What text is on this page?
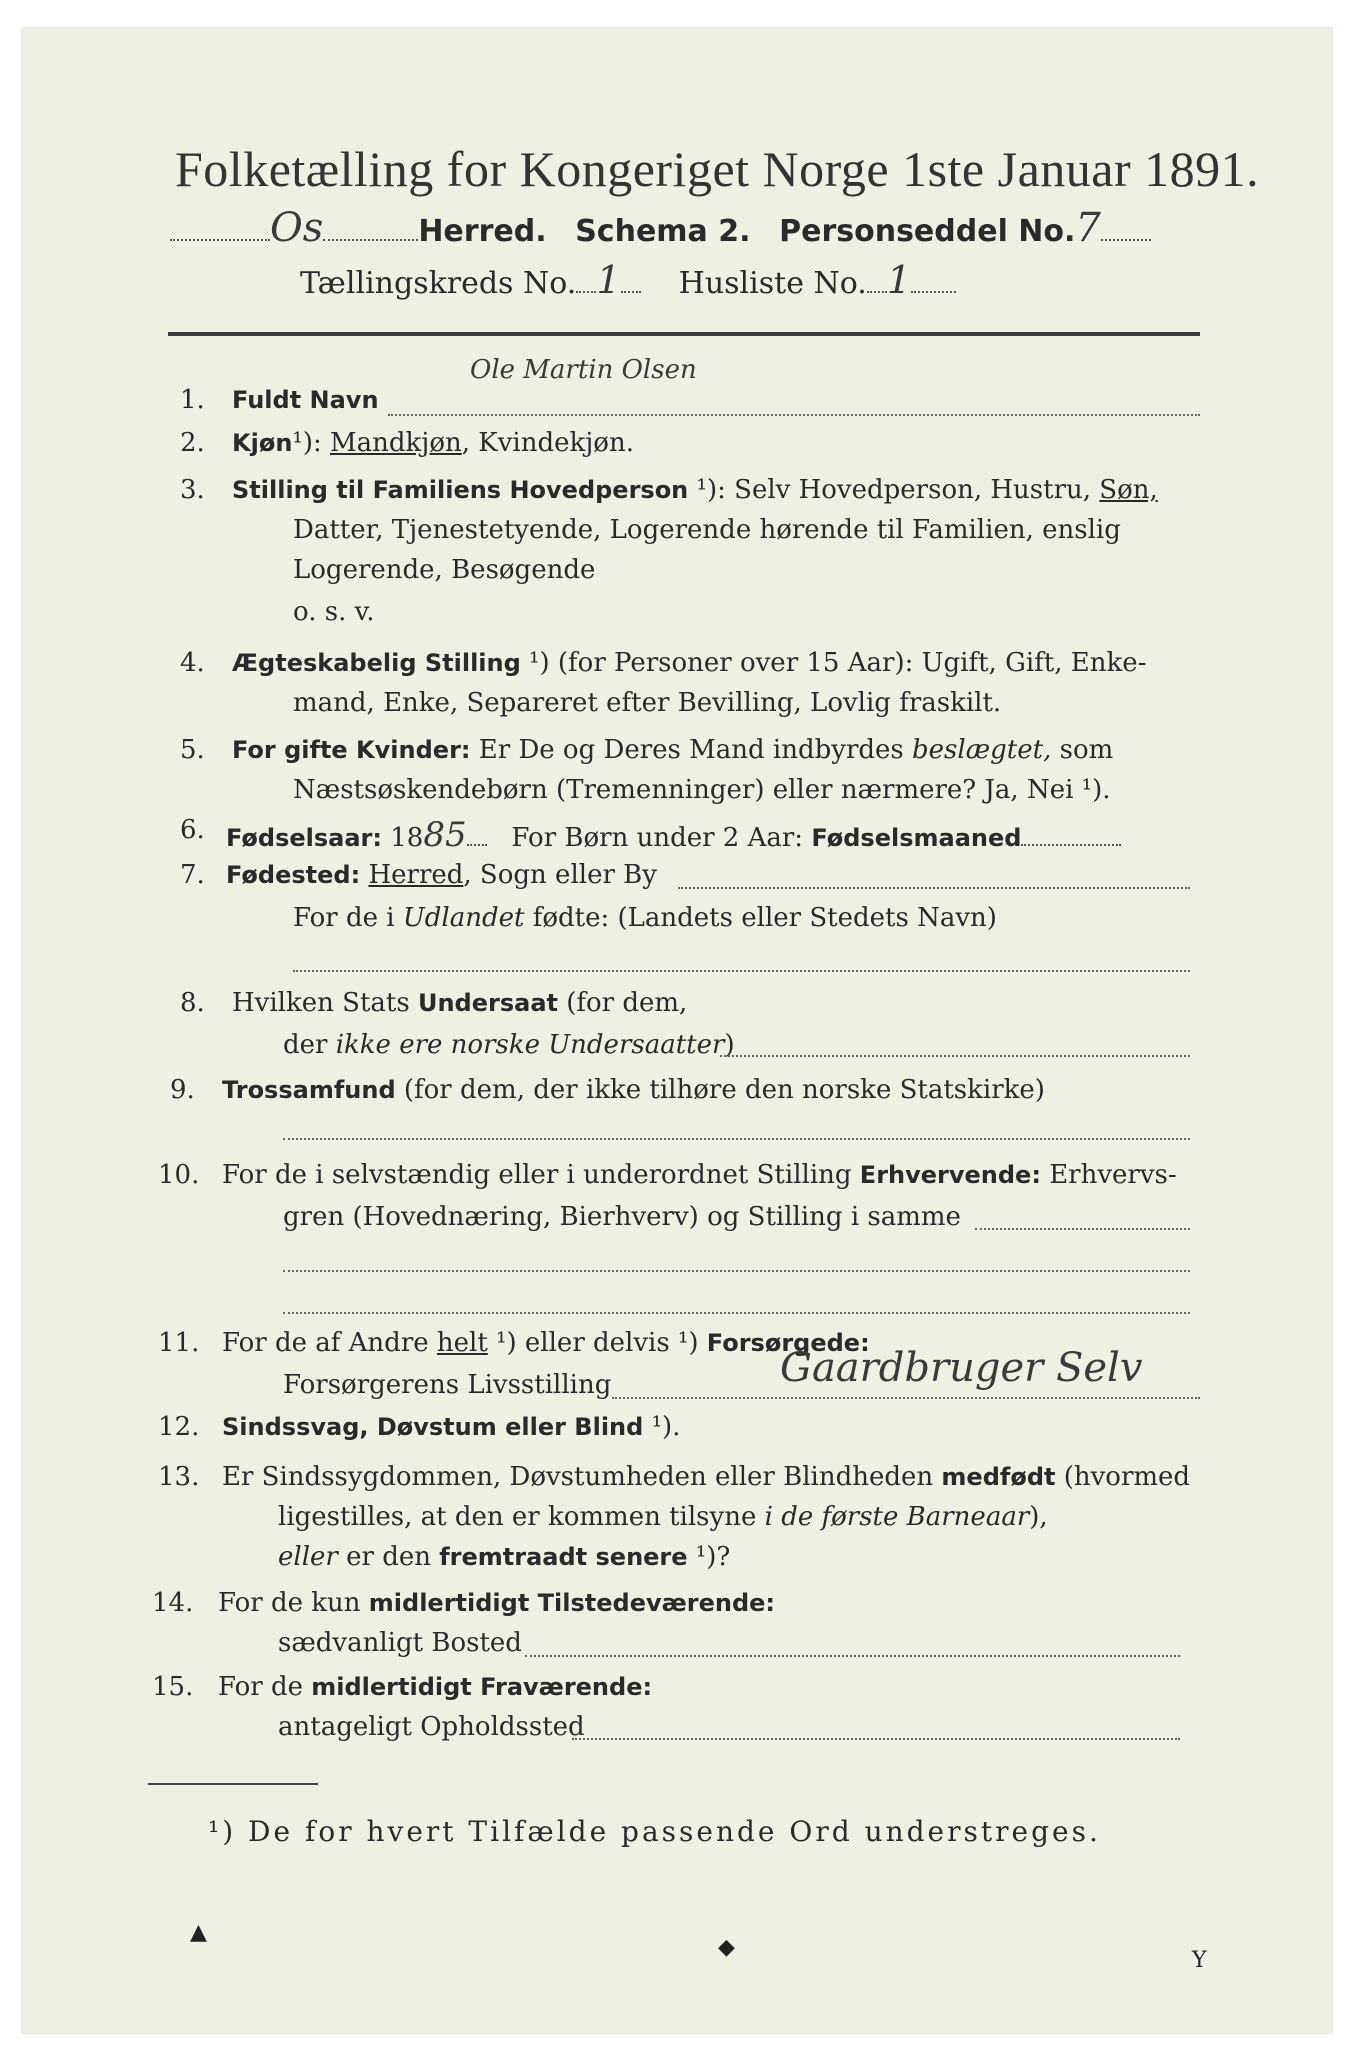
Folketælling for Kongeriget Norge 1ste Januar 1891.
Os	Herred. Schema 2. Personseddel No.7
Tællingskreds No. 1 Husliste No. 1
1. Fuldt Navn
Ole Martin Olsen
2. Kjøn¹): Mandkjøn, Kvindekjøn.
3. Stilling til Familiens Hovedperson ¹): Selv Hovedperson, Hustru, Søn,
Datter, Tjenestetyende, Logerende hørende til Familien, enslig
Logerende, Besøgende
o. s. v.
4. Ægteskabelig Stilling ¹) (for Personer over 15 Aar): Ugift, Gift, Enke-
mand, Enke, Separeret efter Bevilling, Lovlig fraskilt.
5. For gifte Kvinder: Er De og Deres Mand indbyrdes beslægtet, som
Næstsøskendebørn (Tremenninger) eller nærmere? Ja, Nei ¹).
6. Fødselsaar: 1885 For Børn under 2 Aar: Fødselsmaaned
7. Fødested: Herred, Sogn eller By
For de i Udlandet fødte: (Landets eller Stedets Navn)
8. Hvilken Stats Undersaat (for dem,
der ikke ere norske Undersaatter)
9. Trossamfund (for dem, der ikke tilhøre den norske Statskirke)
10. For de i selvstændig eller i underordnet Stilling Erhvervende: Erhvervs-
gren (Hovednæring, Bierhverv) og Stilling i samme
11. For de af Andre helt ¹) eller delvis ¹) Forsørgede:
Forsørgerens Livsstilling	Gaardbruger Selv
12. Sindssvag, Døvstum eller Blind ¹).
13. Er Sindssygdommen, Døvstumheden eller Blindheden medfødt (hvormed
ligestilles, at den er kommen tilsyne i de første Barneaar),
eller er den fremtraadt senere ¹)?
14. For de kun midlertidigt Tilstedeværende:
sædvanligt Bosted
15. For de midlertidigt Fraværende:
antageligt Opholdssted
¹) De for hvert Tilfælde passende Ord understreges.
▲
◆
Y
